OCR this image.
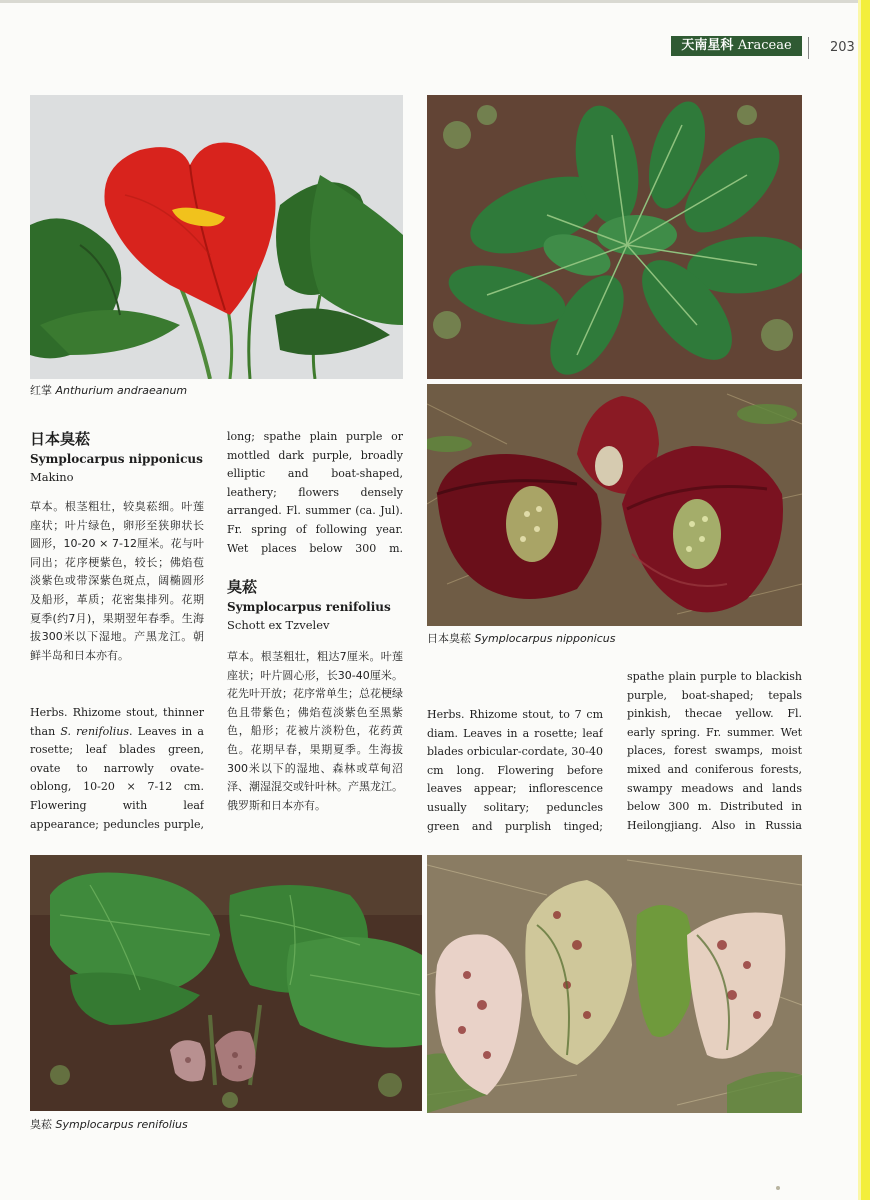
天南星科 Araceae	203
红掌 Anthurium andraeanum
日本臭菘 Symplocarpus nipponicus
臭菘 Symplocarpus renifolius
日本臭菘
Symplocarpus nipponicus
Makino
草本。根茎粗壮，较臭菘细。叶莲座状；叶片绿色，卵形至狭卵状长圆形，10-20 × 7-12厘米。花与叶同出；花序梗紫色，较长；佛焰苞淡紫色或带深紫色斑点，阔椭圆形及船形，革质；花密集排列。花期夏季(约7月)，果期翌年春季。生海拔300米以下湿地。产黑龙江。朝鲜半岛和日本亦有。
Herbs. Rhizome stout, thinner than S. renifolius. Leaves in a rosette; leaf blades green, ovate to narrowly ovate-oblong, 10-20 × 7-12 cm. Flowering with leaf appearance; peduncles purple,
long; spathe plain purple or mottled dark purple, broadly elliptic and boat-shaped, leathery; flowers densely arranged. Fl. summer (ca. Jul). Fr. spring of following year. Wet places below 300 m.
臭菘
Symplocarpus renifolius
Schott ex Tzvelev
草本。根茎粗壮，粗达7厘米。叶莲座状；叶片圆心形，长30-40厘米。花先叶开放；花序常单生；总花梗绿色且带紫色；佛焰苞淡紫色至黑紫色，船形；花被片淡粉色，花药黄色。花期早春，果期夏季。生海拔300米以下的湿地、森林或草甸沼泽、潮湿混交或针叶林。产黑龙江。俄罗斯和日本亦有。
Herbs. Rhizome stout, to 7 cm diam. Leaves in a rosette; leaf blades orbicular-cordate, 30-40 cm long. Flowering before leaves appear; inflorescence usually solitary; peduncles green and purplish tinged;
spathe plain purple to blackish purple, boat-shaped; tepals pinkish, thecae yellow. Fl. early spring. Fr. summer. Wet places, forest swamps, moist mixed and coniferous forests, swampy meadows and lands below 300 m. Distributed in Heilongjiang. Also in Russia
